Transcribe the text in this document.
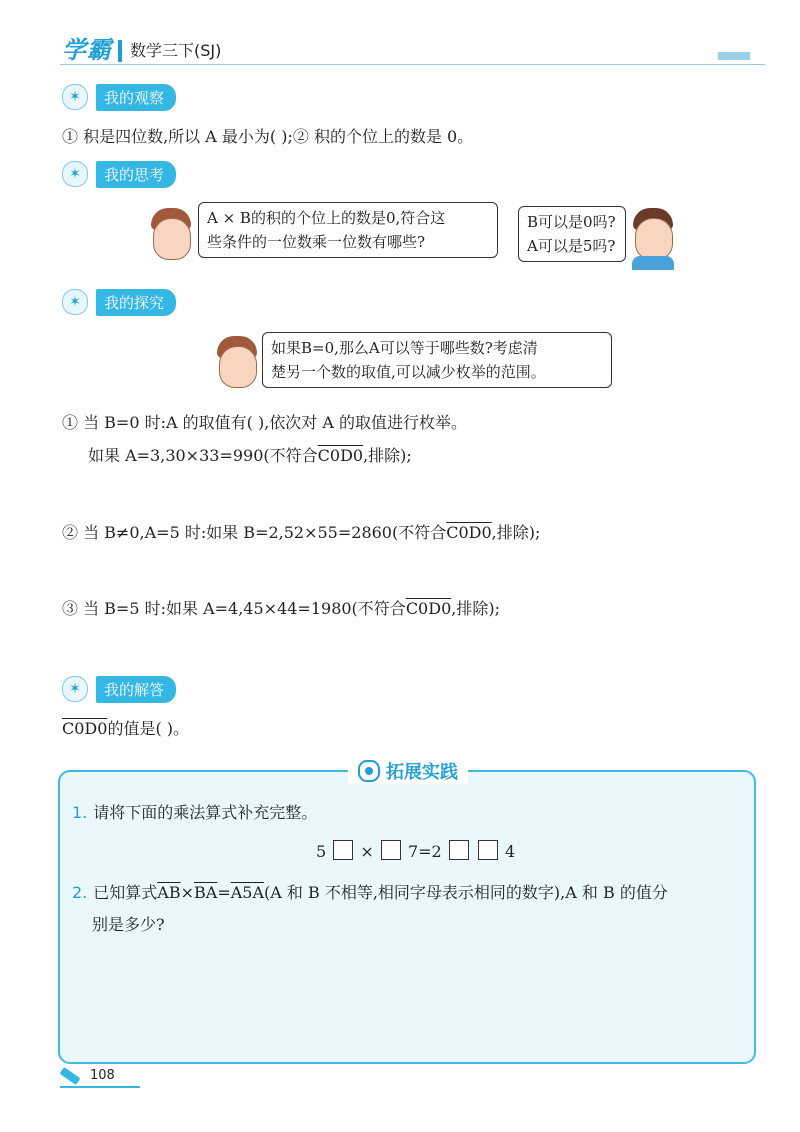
学霸 数学三下(SJ)
✶	我的观察
① 积是四位数,所以 A 最小为( );② 积的个位上的数是 0。
✶	我的思考
A × B的积的个位上的数是0,符合这
些条件的一位数乘一位数有哪些?
B可以是0吗?
A可以是5吗?
✶	我的探究
如果B=0,那么A可以等于哪些数?考虑清
楚另一个数的取值,可以减少枚举的范围。
① 当 B=0 时:A 的取值有( ),依次对 A 的取值进行枚举。
如果 A=3,30×33=990(不符合C0D0,排除);
② 当 B≠0,A=5 时:如果 B=2,52×55=2860(不符合C0D0,排除);
③ 当 B=5 时:如果 A=4,45×44=1980(不符合C0D0,排除);
✶	我的解答
C0D0的值是( )。
拓展实践
1. 请将下面的乘法算式补充完整。
5 × 7=2	4
2. 已知算式$\overline{AB}\times\overline{BA}=A5A(A$ 和 B 不相等,相同字母表示相同的数字),A 和 B 的值分
别是多少?
108
